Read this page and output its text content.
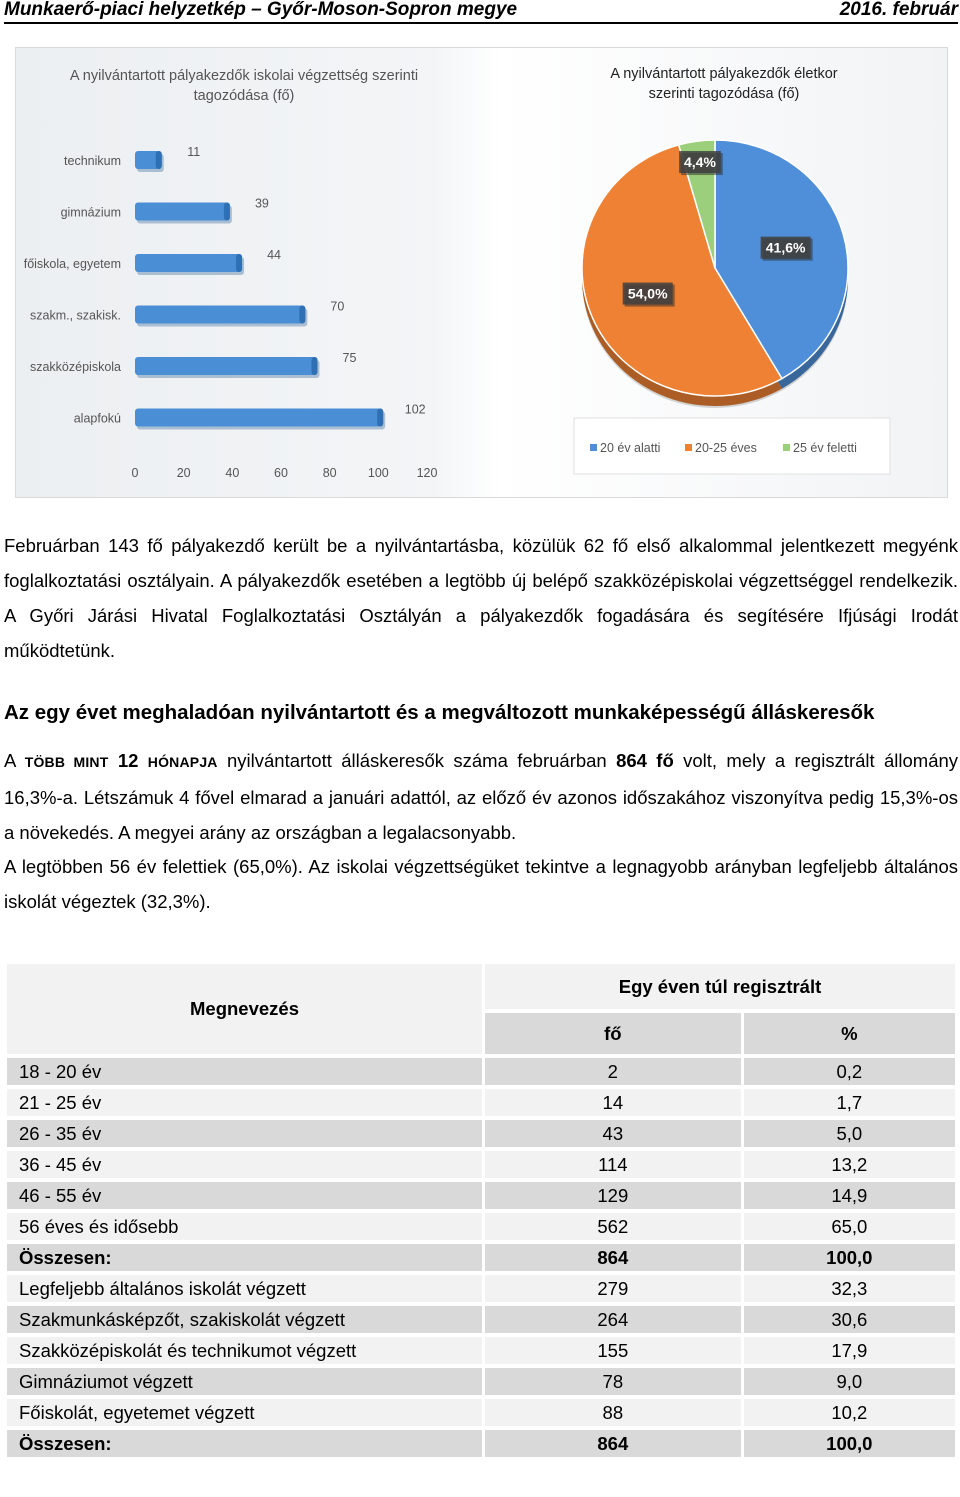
Munkaerő-piaci helyzetkép – Győr-Moson-Sopron megye	2016. február
A nyilvántartott pályakezdők iskolai végzettség szerinti
tagozódása (fő)
technikum
11
gimnázium
39
főiskola, egyetem
44
szakm., szakisk.
70
szakközépiskola
75
alapfokú
102
0	20	40	60	80	100 120
A nyilvántartott pályakezdők életkor
szerinti tagozódása (fő)
41,6%
54,0%
4,4%
20 év alatti	20-25 éves	25 év feletti

Februárban 143 fő pályakezdő került be a nyilvántartásba, közülük 62 fő első alkalommal jelentkezett megyénk foglalkoztatási osztályain. A pályakezdők esetében a legtöbb új belépő szakközépiskolai végzettséggel rendelkezik. A Győri Járási Hivatal Foglalkoztatási Osztályán a pályakezdők fogadására és segítésére Ifjúsági Irodát működtetünk.

Az egy évet meghaladóan nyilvántartott és a megváltozott munkaképességű álláskeresők

A TÖBB MINT 12 HÓNAPJA nyilvántartott álláskeresők száma februárban 864 fő volt, mely a regisztrált állomány 16,3%-a. Létszámuk 4 fővel elmarad a januári adattól, az előző év azonos időszakához viszonyítva pedig 15,3%-os a növekedés. A megyei arány az országban a legalacsonyabb.

A legtöbben 56 év felettiek (65,0%). Az iskolai végzettségüket tekintve a legnagyobb arányban legfeljebb általános iskolát végeztek (32,3%).

Megnevezés	Egy éven túl regisztrált	
	fő	%
18 - 20 év	2	0,2
21 - 25 év	14	1,7
26 - 35 év	43	5,0
36 - 45 év	114	13,2
46 - 55 év	129	14,9
56 éves és idősebb	562	65,0
Összesen:	864	100,0
Legfeljebb általános iskolát végzett	279	32,3
Szakmunkásképzőt, szakiskolát végzett	264	30,6
Szakközépiskolát és technikumot végzett	155	17,9
Gimnáziumot végzett	78	9,0
Főiskolát, egyetemet végzett	88	10,2
Összesen:	864	100,0
